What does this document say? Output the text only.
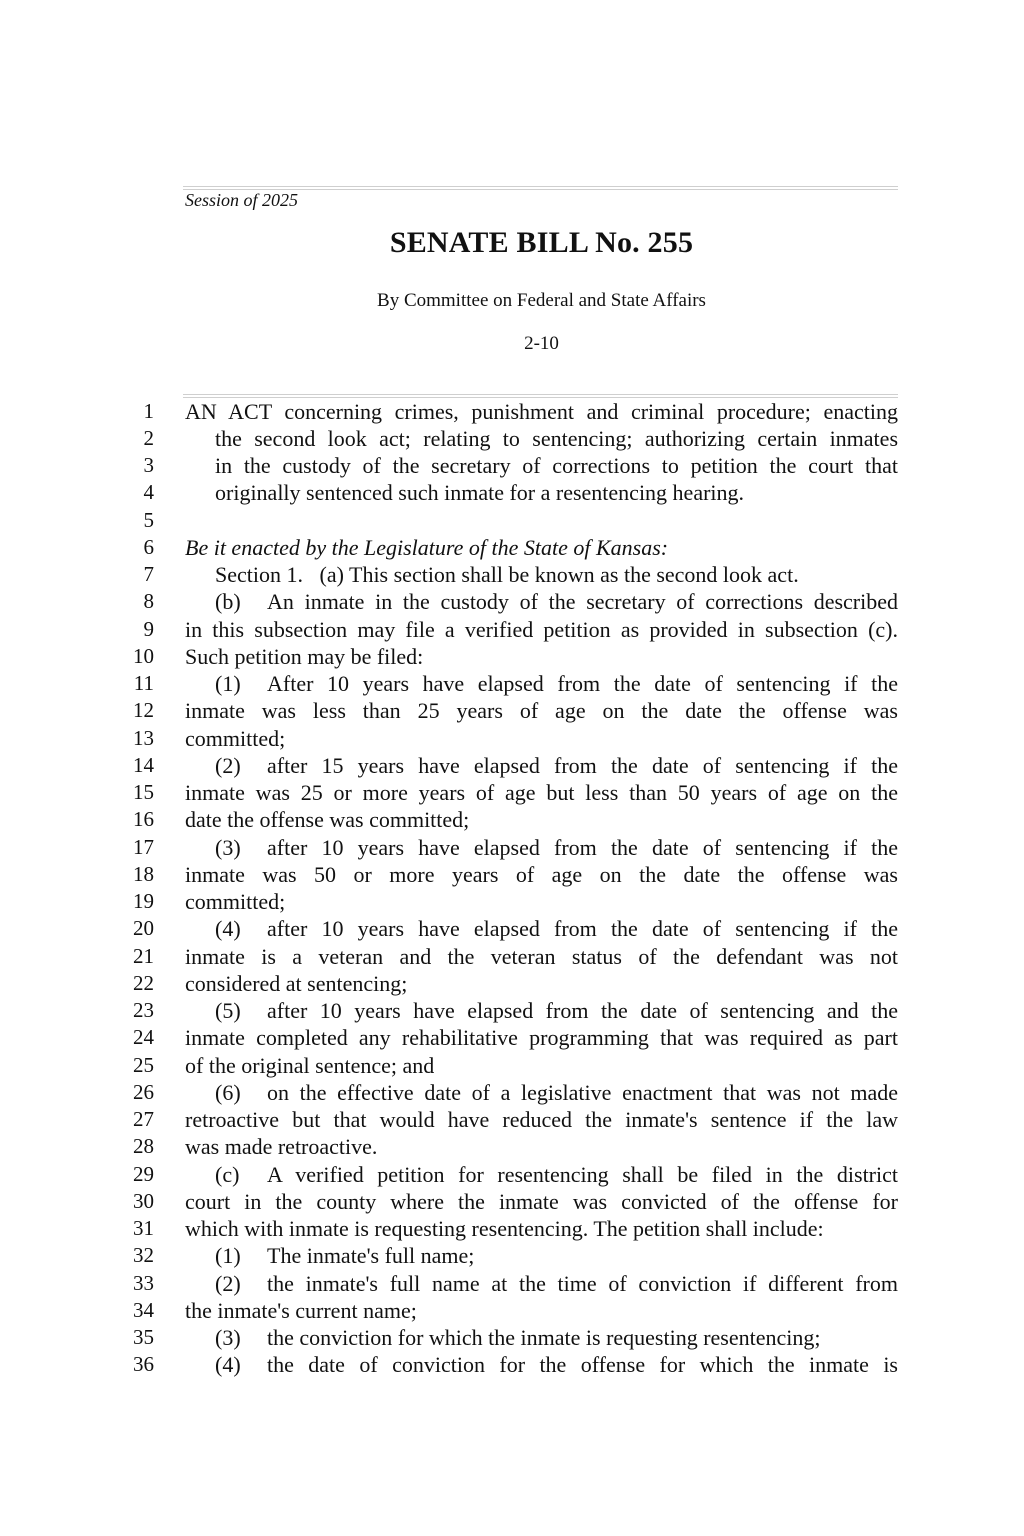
Session of 2025
SENATE BILL No. 255
By Committee on Federal and State Affairs
2-10
1
2
3
4
5
6
7
8
9
10
11
12
13
14
15
16
17
18
19
20
21
22
23
24
25
26
27
28
29
30
31
32
33
34
35
36
AN ACT concerning crimes, punishment and criminal procedure; enacting
the second look act; relating to sentencing; authorizing certain inmates
in the custody of the secretary of corrections to petition the court that
originally sentenced such inmate for a resentencing hearing.
Be it enacted by the Legislature of the State of Kansas:
Section 1.   (a) This section shall be known as the second look act.
(b) An inmate in the custody of the secretary of corrections described
in this subsection may file a verified petition as provided in subsection (c).
Such petition may be filed:
(1) After 10 years have elapsed from the date of sentencing if the
inmate was less than 25 years of age on the date the offense was
committed;
(2) after 15 years have elapsed from the date of sentencing if the
inmate was 25 or more years of age but less than 50 years of age on the
date the offense was committed;
(3) after 10 years have elapsed from the date of sentencing if the
inmate was 50 or more years of age on the date the offense was
committed;
(4) after 10 years have elapsed from the date of sentencing if the
inmate is a veteran and the veteran status of the defendant was not
considered at sentencing;
(5) after 10 years have elapsed from the date of sentencing and the
inmate completed any rehabilitative programming that was required as part
of the original sentence; and
(6) on the effective date of a legislative enactment that was not made
retroactive but that would have reduced the inmate's sentence if the law
was made retroactive.
(c) A verified petition for resentencing shall be filed in the district
court in the county where the inmate was convicted of the offense for
which with inmate is requesting resentencing. The petition shall include:
(1) The inmate's full name;
(2) the inmate's full name at the time of conviction if different from
the inmate's current name;
(3) the conviction for which the inmate is requesting resentencing;
(4) the date of conviction for the offense for which the inmate is
